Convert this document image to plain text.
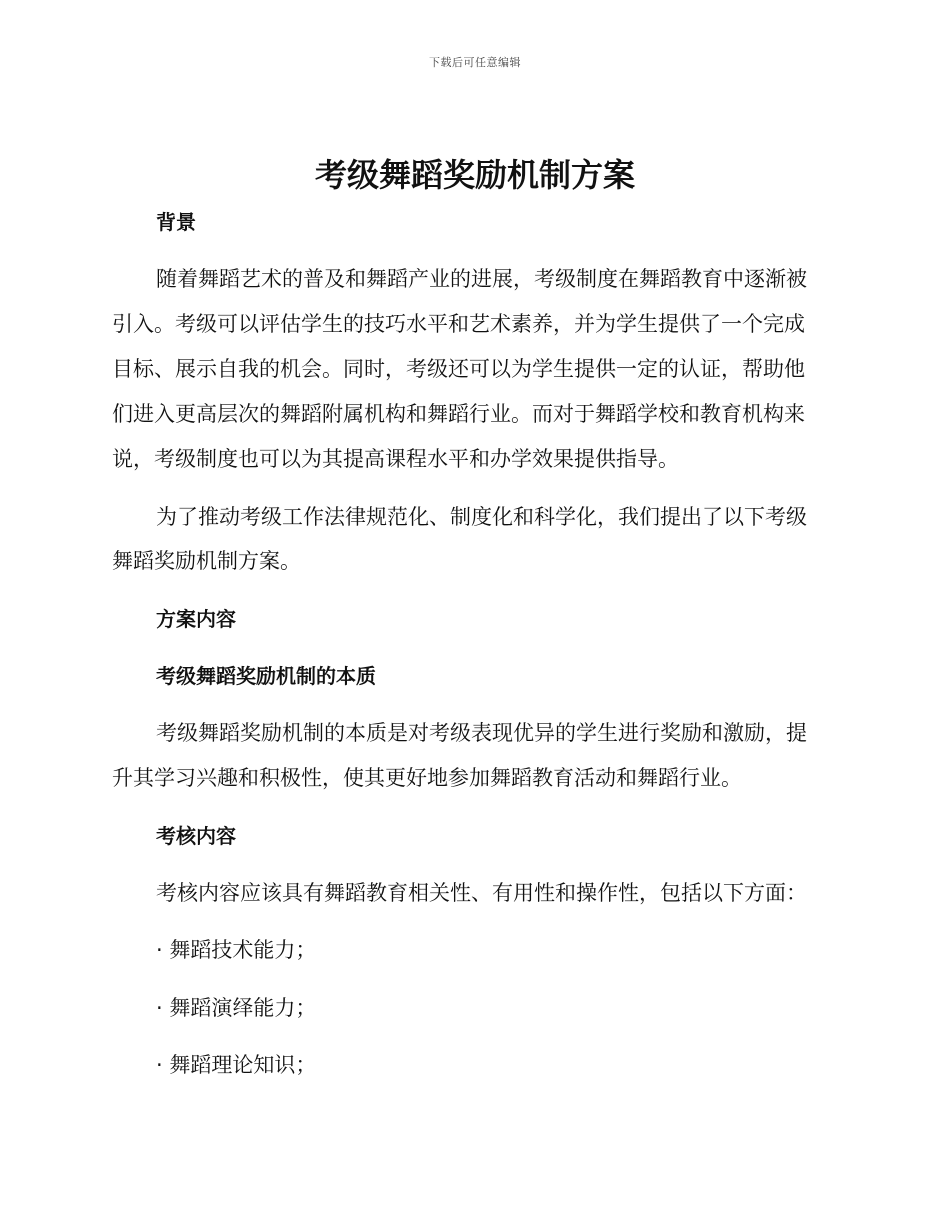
下载后可任意编辑
考级舞蹈奖励机制方案
背景
随着舞蹈艺术的普及和舞蹈产业的进展，考级制度在舞蹈教育中逐渐被
引入。考级可以评估学生的技巧水平和艺术素养，并为学生提供了一个完成
目标、展示自我的机会。同时，考级还可以为学生提供一定的认证，帮助他
们进入更高层次的舞蹈附属机构和舞蹈行业。而对于舞蹈学校和教育机构来
说，考级制度也可以为其提高课程水平和办学效果提供指导。
为了推动考级工作法律规范化、制度化和科学化，我们提出了以下考级
舞蹈奖励机制方案。
方案内容
考级舞蹈奖励机制的本质
考级舞蹈奖励机制的本质是对考级表现优异的学生进行奖励和激励，提
升其学习兴趣和积极性，使其更好地参加舞蹈教育活动和舞蹈行业。
考核内容
考核内容应该具有舞蹈教育相关性、有用性和操作性，包括以下方面：
· 舞蹈技术能力；
· 舞蹈演绎能力；
· 舞蹈理论知识；
